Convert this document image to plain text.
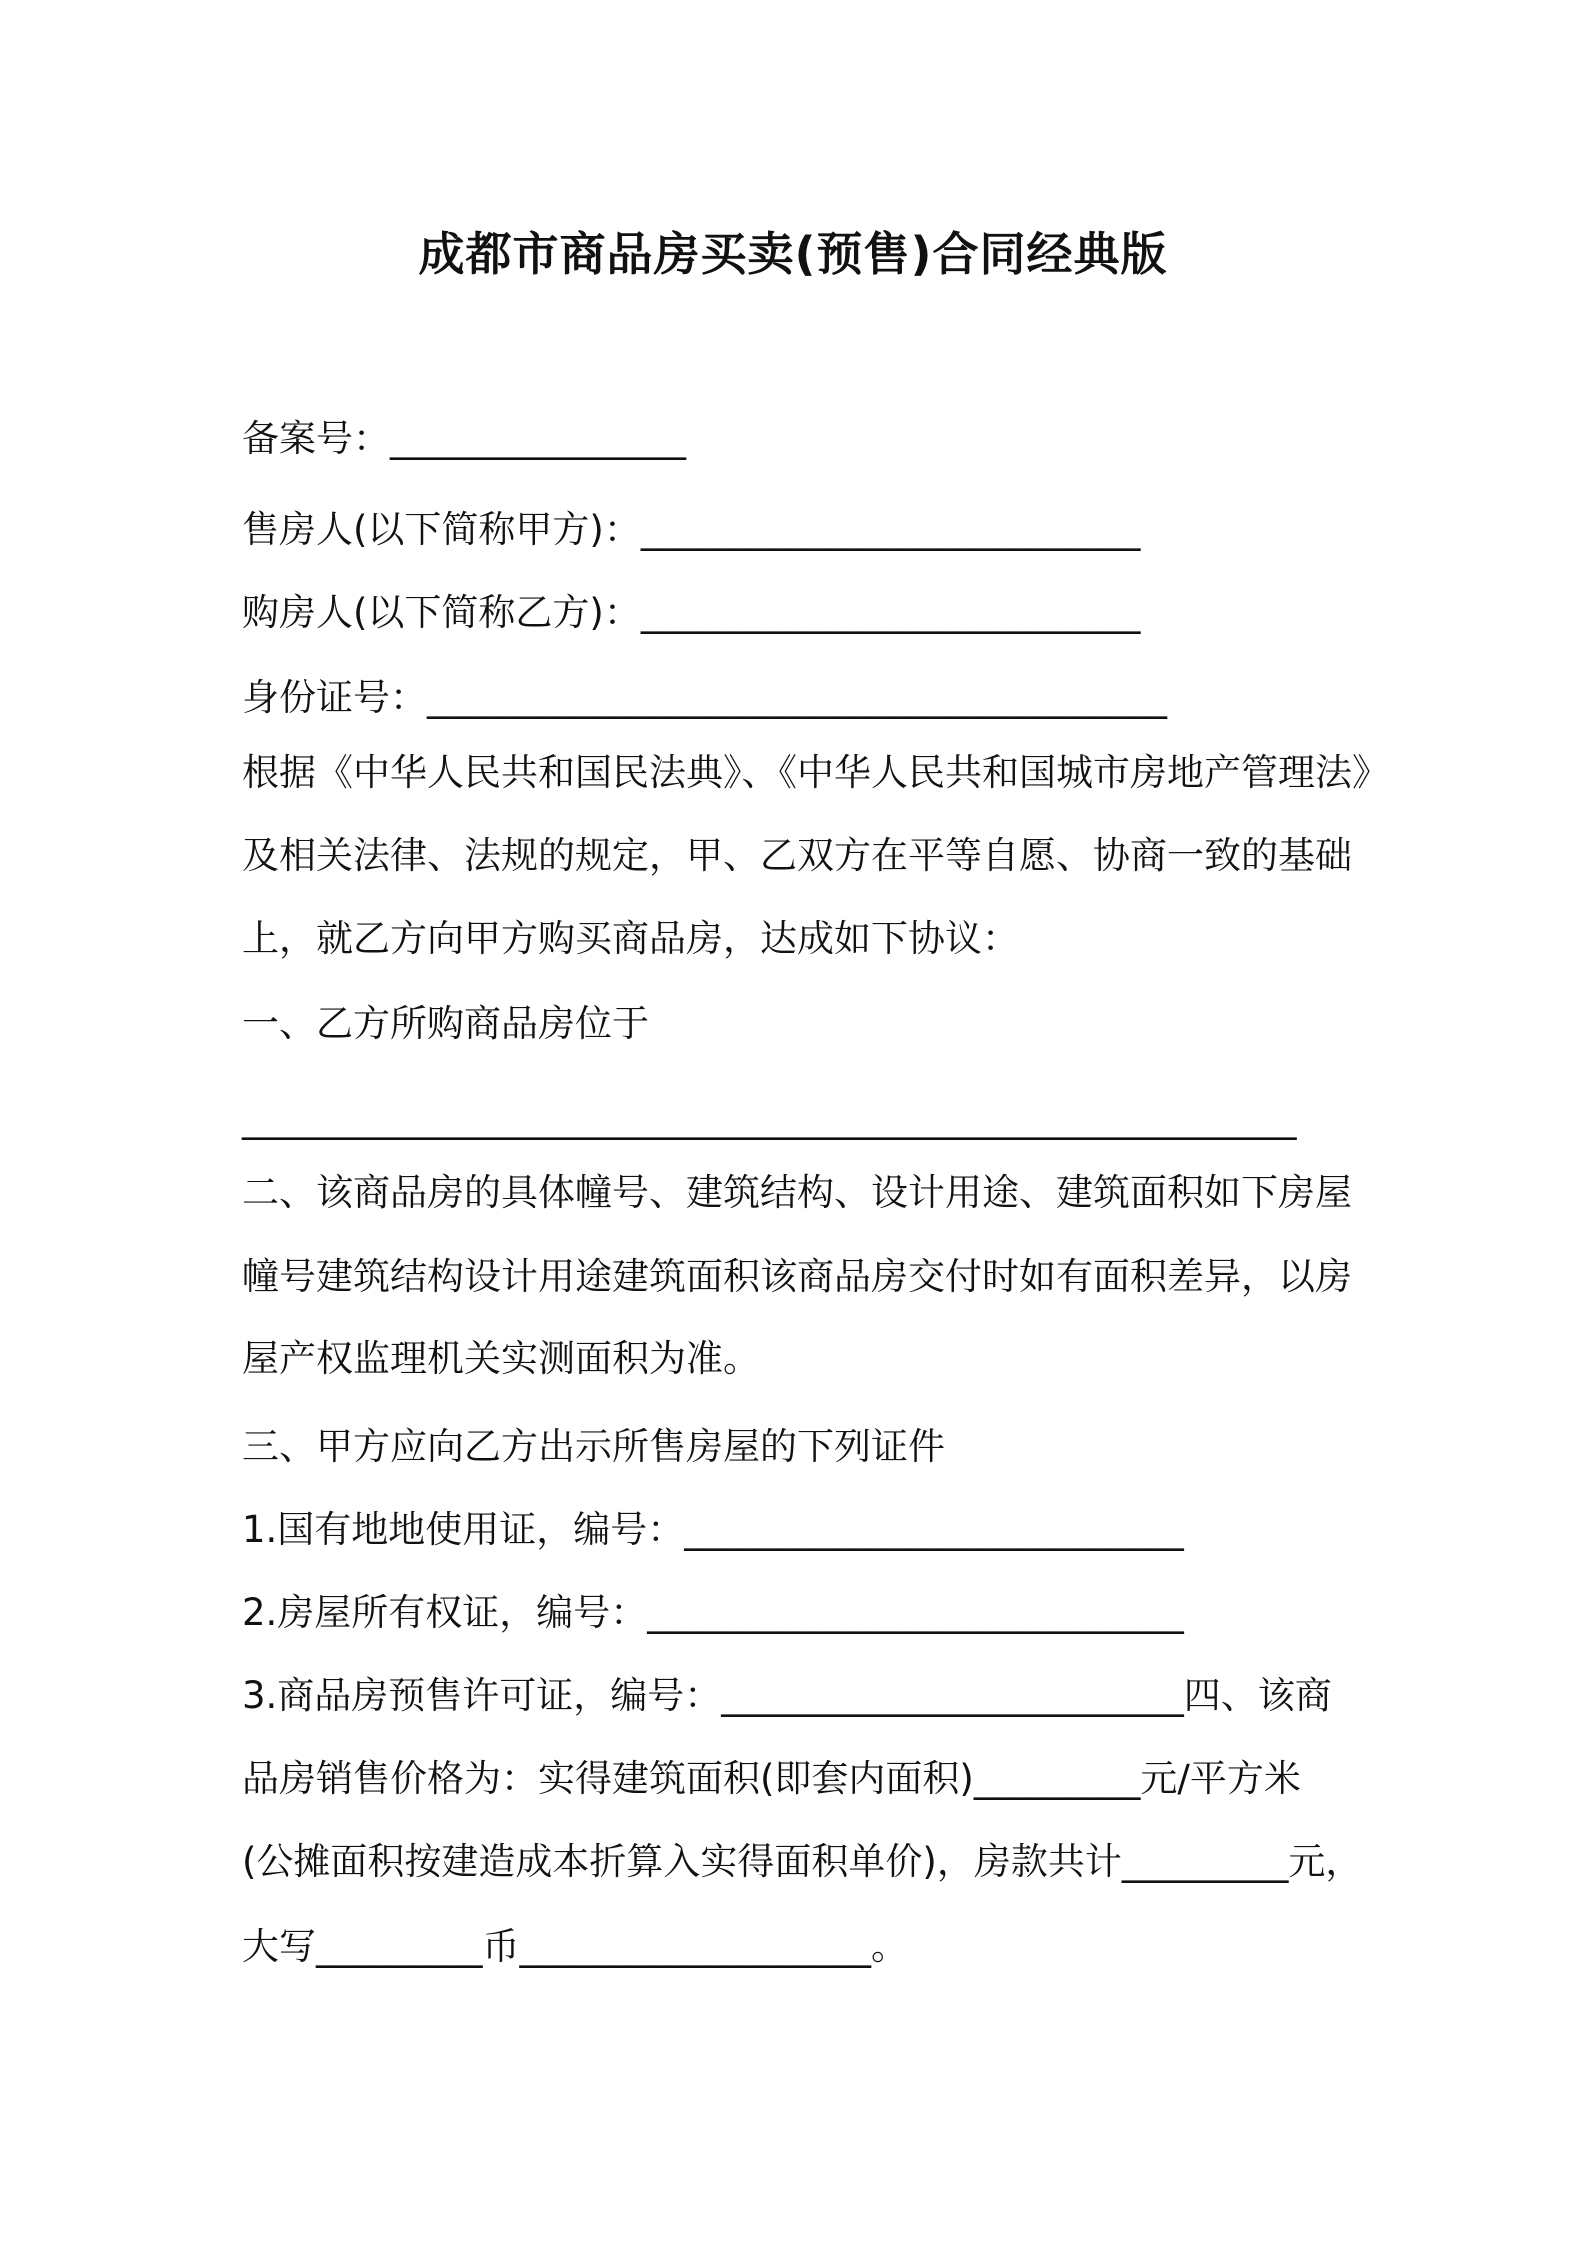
成都市商品房买卖(预售)合同经典版

备案号：________________

售房人(以下简称甲方)：___________________________

购房人(以下简称乙方)：___________________________

身份证号：________________________________________

根据《中华人民共和国民法典》、《中华人民共和国城市房地产管理法》

及相关法律、法规的规定，甲、乙双方在平等自愿、协商一致的基础

上，就乙方向甲方购买商品房，达成如下协议：

一、乙方所购商品房位于

_________________________________________________________

二、该商品房的具体幢号、建筑结构、设计用途、建筑面积如下房屋

幢号建筑结构设计用途建筑面积该商品房交付时如有面积差异，以房

屋产权监理机关实测面积为准。

三、甲方应向乙方出示所售房屋的下列证件

1.国有地地使用证，编号：___________________________

2.房屋所有权证，编号：_____________________________

3.商品房预售许可证，编号：_________________________四、该商

品房销售价格为：实得建筑面积(即套内面积)_________元/平方米

(公摊面积按建造成本折算入实得面积单价)，房款共计_________元，

大写_________币___________________。
